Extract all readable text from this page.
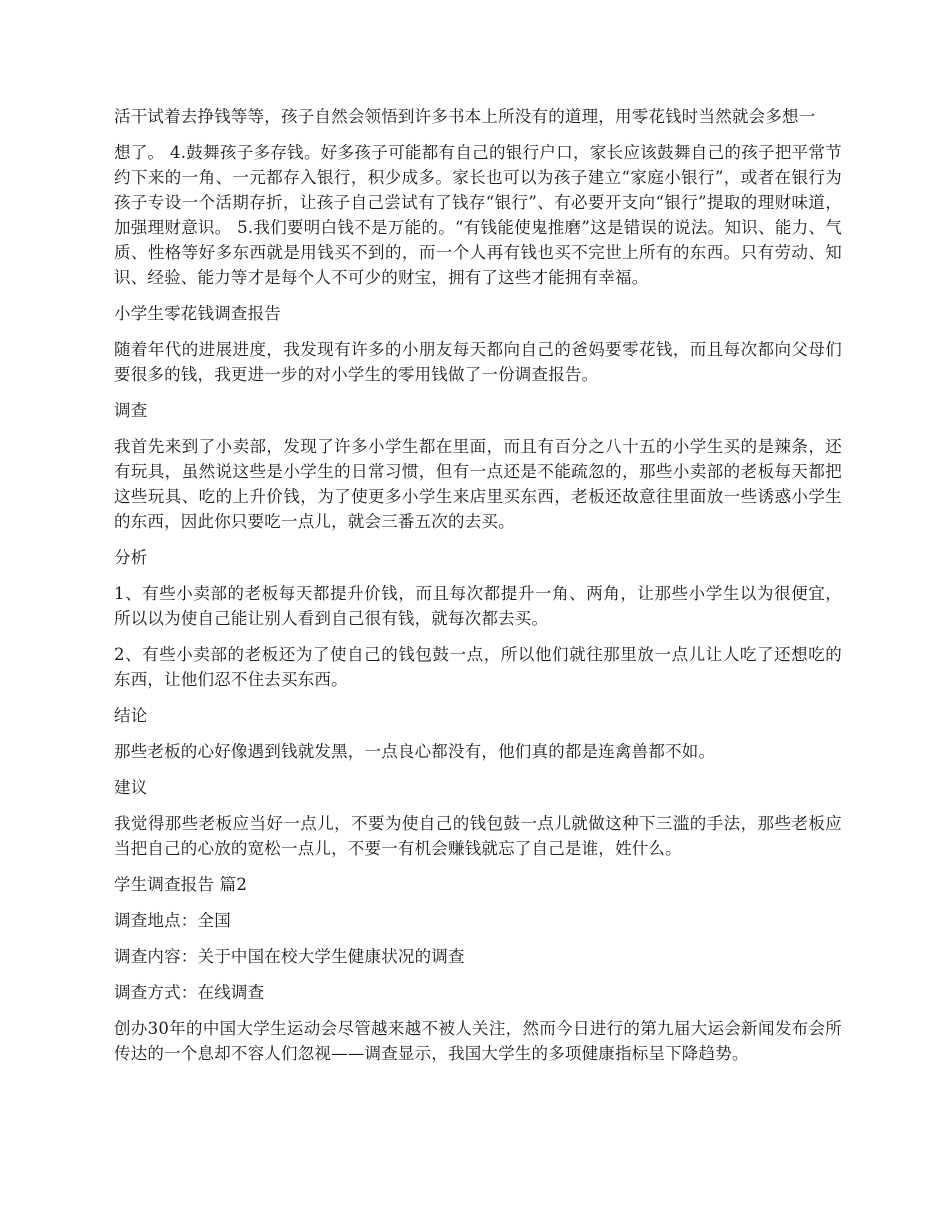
活干试着去挣钱等等，孩子自然会领悟到许多书本上所没有的道理，用零花钱时当然就会多想一

想了。 4.鼓舞孩子多存钱。好多孩子可能都有自己的银行户口，家长应该鼓舞自己的孩子把平常节约下来的一角、一元都存入银行，积少成多。家长也可以为孩子建立“家庭小银行”，或者在银行为孩子专设一个活期存折，让孩子自己尝试有了钱存“银行”、有必要开支向“银行”提取的理财味道，加强理财意识。 5.我们要明白钱不是万能的。“有钱能使鬼推磨”这是错误的说法。知识、能力、气质、性格等好多东西就是用钱买不到的，而一个人再有钱也买不完世上所有的东西。只有劳动、知识、经验、能力等才是每个人不可少的财宝，拥有了这些才能拥有幸福。

小学生零花钱调查报告

随着年代的进展进度，我发现有许多的小朋友每天都向自己的爸妈要零花钱，而且每次都向父母们要很多的钱，我更进一步的对小学生的零用钱做了一份调查报告。

调查

我首先来到了小卖部，发现了许多小学生都在里面，而且有百分之八十五的小学生买的是辣条，还有玩具，虽然说这些是小学生的日常习惯，但有一点还是不能疏忽的，那些小卖部的老板每天都把这些玩具、吃的上升价钱，为了使更多小学生来店里买东西，老板还故意往里面放一些诱惑小学生的东西，因此你只要吃一点儿，就会三番五次的去买。

分析

1、有些小卖部的老板每天都提升价钱，而且每次都提升一角、两角，让那些小学生以为很便宜，所以以为使自己能让别人看到自己很有钱，就每次都去买。

2、有些小卖部的老板还为了使自己的钱包鼓一点，所以他们就往那里放一点儿让人吃了还想吃的东西，让他们忍不住去买东西。

结论

那些老板的心好像遇到钱就发黑，一点良心都没有，他们真的都是连禽兽都不如。

建议

我觉得那些老板应当好一点儿，不要为使自己的钱包鼓一点儿就做这种下三滥的手法，那些老板应当把自己的心放的宽松一点儿，不要一有机会赚钱就忘了自己是谁，姓什么。

学生调查报告 篇2

调查地点：全国

调查内容：关于中国在校大学生健康状况的调查

调查方式：在线调查

创办30年的中国大学生运动会尽管越来越不被人关注，然而今日进行的第九届大运会新闻发布会所传达的一个息却不容人们忽视——调查显示，我国大学生的多项健康指标呈下降趋势。
